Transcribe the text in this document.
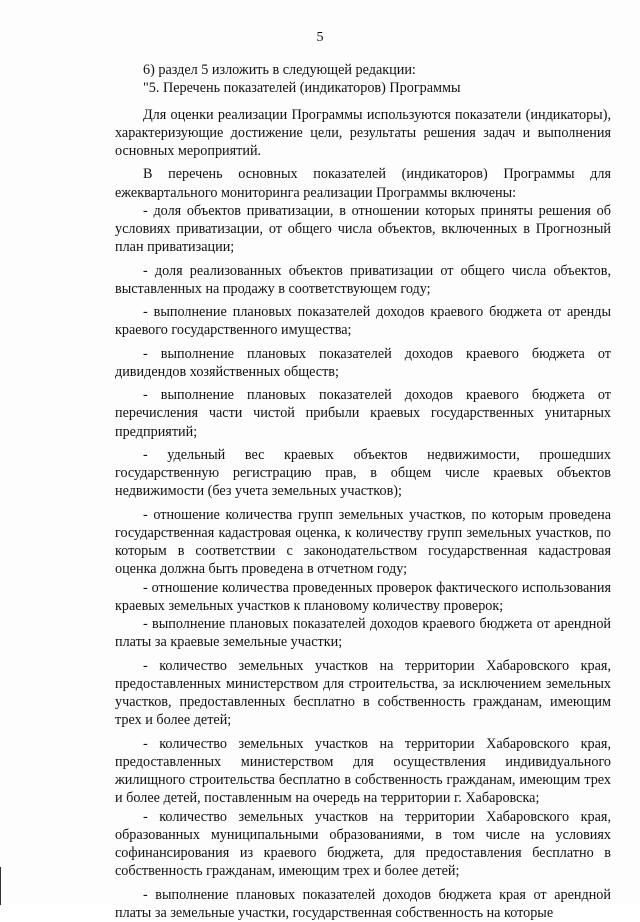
5

6) раздел 5 изложить в следующей редакции:

"5. Перечень показателей (индикаторов) Программы

Для оценки реализации Программы используются показатели (индикаторы), характеризующие достижение цели, результаты решения задач и выполнения основных мероприятий.

В перечень основных показателей (индикаторов) Программы для ежеквартального мониторинга реализации Программы включены:

- доля объектов приватизации, в отношении которых приняты решения об условиях приватизации, от общего числа объектов, включенных в Прогнозный план приватизации;

- доля реализованных объектов приватизации от общего числа объектов, выставленных на продажу в соответствующем году;

- выполнение плановых показателей доходов краевого бюджета от аренды краевого государственного имущества;

- выполнение плановых показателей доходов краевого бюджета от дивидендов хозяйственных обществ;

- выполнение плановых показателей доходов краевого бюджета от перечисления части чистой прибыли краевых государственных унитарных предприятий;

- удельный вес краевых объектов недвижимости, прошедших государственную регистрацию прав, в общем числе краевых объектов недвижимости (без учета земельных участков);

- отношение количества групп земельных участков, по которым проведена государственная кадастровая оценка, к количеству групп земельных участков, по которым в соответствии с законодательством государственная кадастровая оценка должна быть проведена в отчетном году;

- отношение количества проведенных проверок фактического использования краевых земельных участков к плановому количеству проверок;

- выполнение плановых показателей доходов краевого бюджета от арендной платы за краевые земельные участки;

- количество земельных участков на территории Хабаровского края, предоставленных министерством для строительства, за исключением земельных участков, предоставленных бесплатно в собственность гражданам, имеющим трех и более детей;

- количество земельных участков на территории Хабаровского края, предоставленных министерством для осуществления индивидуального жилищного строительства бесплатно в собственность гражданам, имеющим трех и более детей, поставленным на очередь на территории г. Хабаровска;

- количество земельных участков на территории Хабаровского края, образованных муниципальными образованиями, в том числе на условиях софинансирования из краевого бюджета, для предоставления бесплатно в собственность гражданам, имеющим трех и более детей;

- выполнение плановых показателей доходов бюджета края от арендной платы за земельные участки, государственная собственность на которые
